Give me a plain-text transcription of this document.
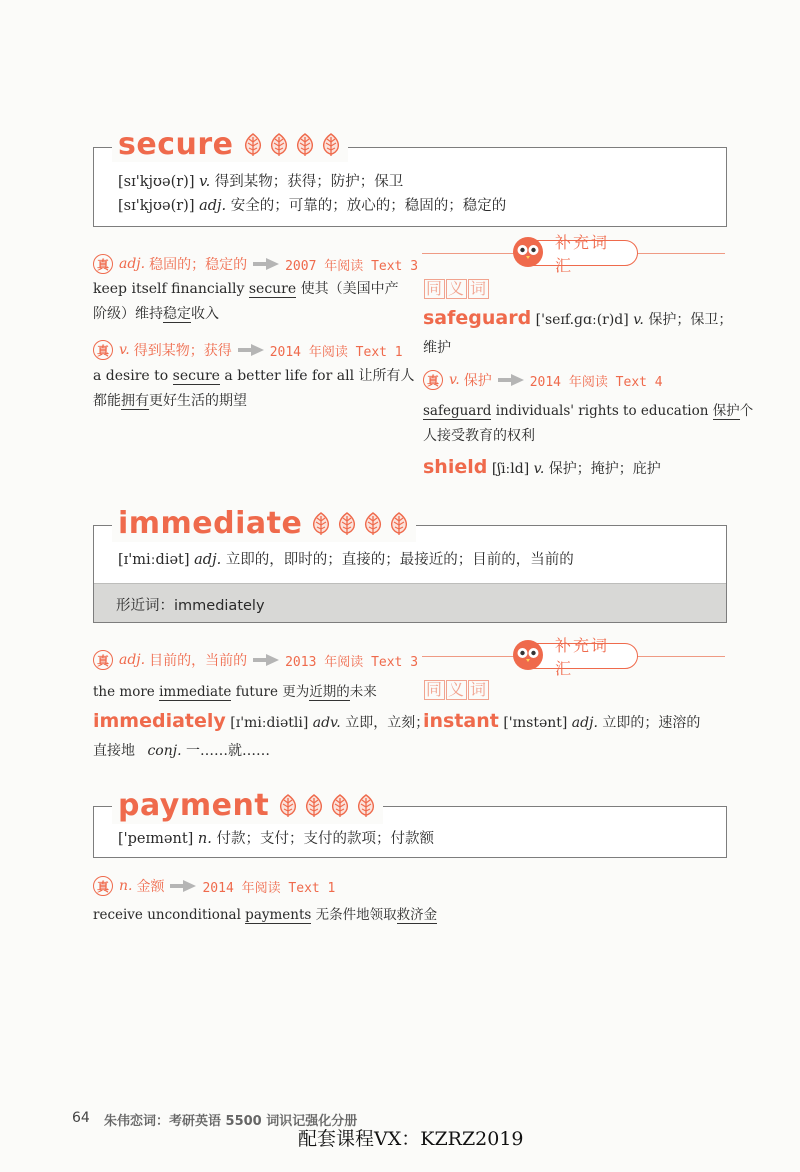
[sɪ'kjʊə(r)] v. 得到某物；获得；防护；保卫
[sɪ'kjʊə(r)] adj. 安全的；可靠的；放心的；稳固的；稳定的
secure
真 adj. 稳固的；稳定的	2007 年阅读 Text 3
keep itself financially secure 使其（美国中产
阶级）维持稳定收入
真 v. 得到某物；获得	2014 年阅读 Text 1
a desire to secure a better life for all 让所有人
都能拥有更好生活的期望
补充词汇
同 义 词
safeguard ['seɪf.ɡɑː(r)d] v. 保护；保卫；
维护
真 v. 保护	2014 年阅读 Text 4
safeguard individuals' rights to education 保护个
人接受教育的权利
shield [ʃiːld] v. 保护；掩护；庇护
[ɪ'miːdiət] adj. 立即的，即时的；直接的；最接近的；目前的，当前的
形近词：immediately
immediate
真 adj. 目前的，当前的	2013 年阅读 Text 3
the more immediate future 更为近期的未来
immediately [ɪ'miːdiətli] adv. 立即，立刻；
直接地 conj. 一……就……
补充词汇
同 义 词
instant ['ɪnstənt] adj. 立即的；速溶的
['peɪmənt] n. 付款；支付；支付的款项；付款额
payment
真 n. 金额	2014 年阅读 Text 1
receive unconditional payments 无条件地领取救济金
64 朱伟恋词：考研英语 5500 词识记强化分册
配套课程VX：KZRZ2019
